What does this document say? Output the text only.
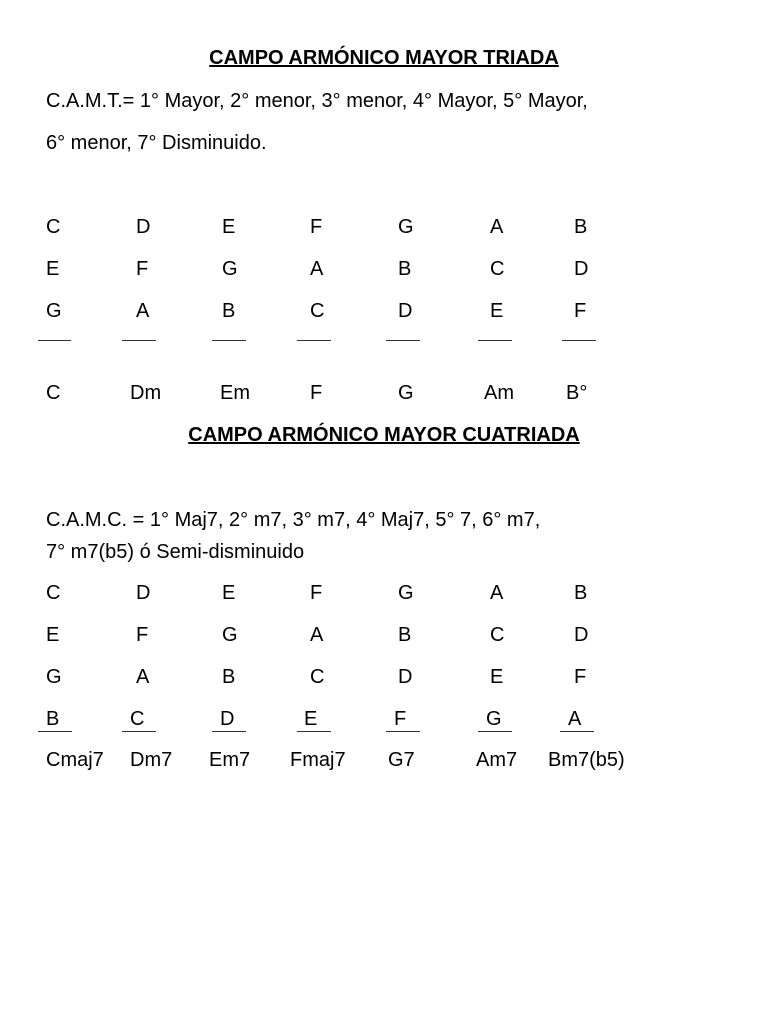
CAMPO ARMÓNICO MAYOR TRIADA
C.A.M.T.= 1° Mayor, 2° menor, 3° menor, 4° Mayor, 5° Mayor,
6° menor, 7° Disminuido.
C	D	E	F	G	A	B
E	F	G	A	B	C	D
G	A	B	C	D	E	F
C	Dm	Em	F	G	Am	B°
CAMPO ARMÓNICO MAYOR CUATRIADA
C.A.M.C. = 1° Maj7, 2° m7, 3° m7, 4° Maj7, 5° 7, 6° m7,
7° m7(b5) ó Semi-disminuido
C	D	E	F	G	A	B
E	F	G	A	B	C	D
G	A	B	C	D	E	F
B	C	D	E	F	G	A
Cmaj7 Dm7 Em7 Fmaj7 G7	Am7 Bm7(b5)
